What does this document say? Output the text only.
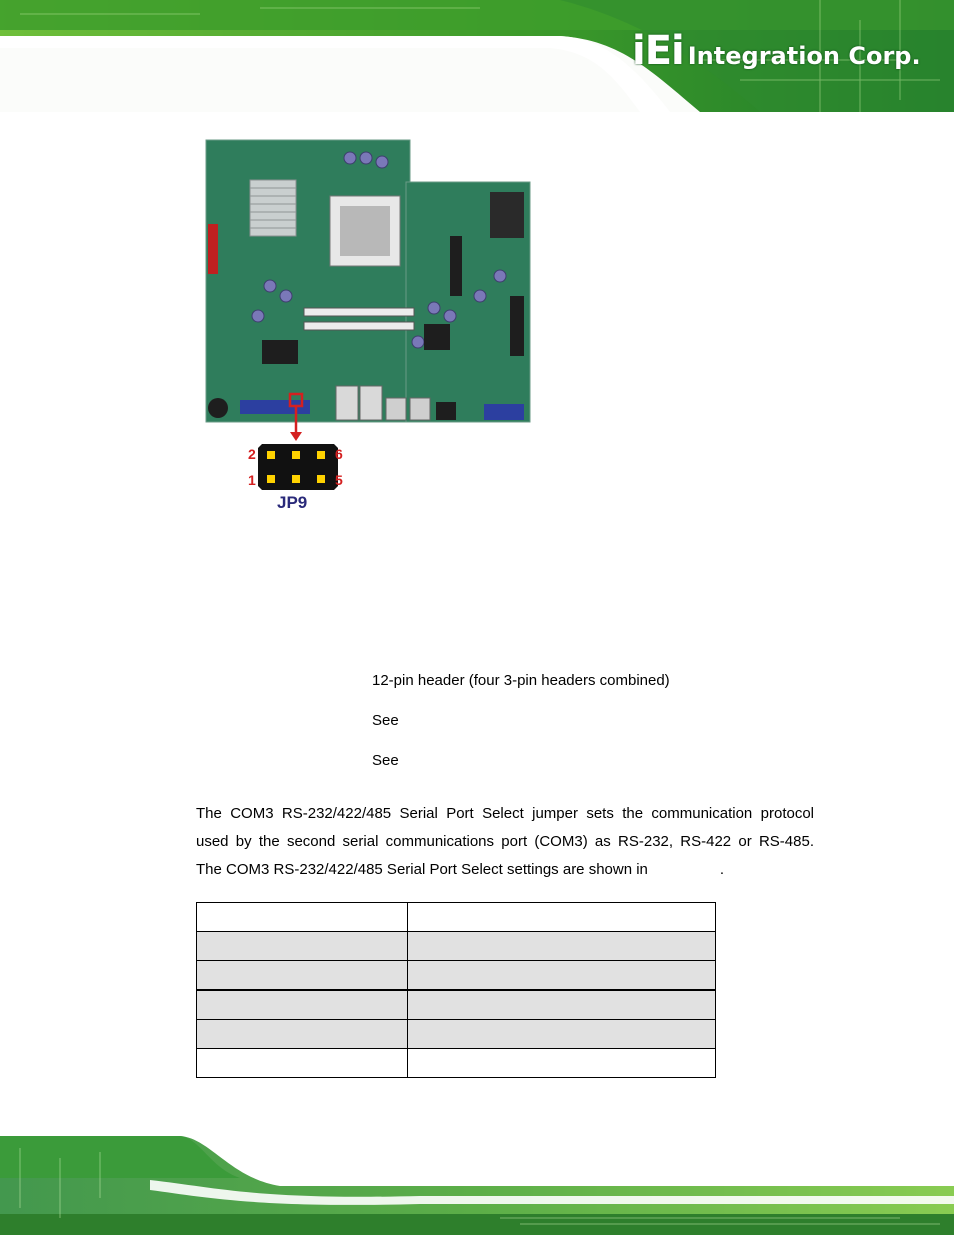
iEi Integration Corp.
2
1
6
5
JP9
12-pin header (four 3-pin headers combined)
See
See
The COM3 RS-232/422/485 Serial Port Select jumper sets the communication protocol
used by the second serial communications port (COM3) as RS-232, RS-422 or RS-485.
The COM3 RS-232/422/485 Serial Port Select settings are shown in	.
